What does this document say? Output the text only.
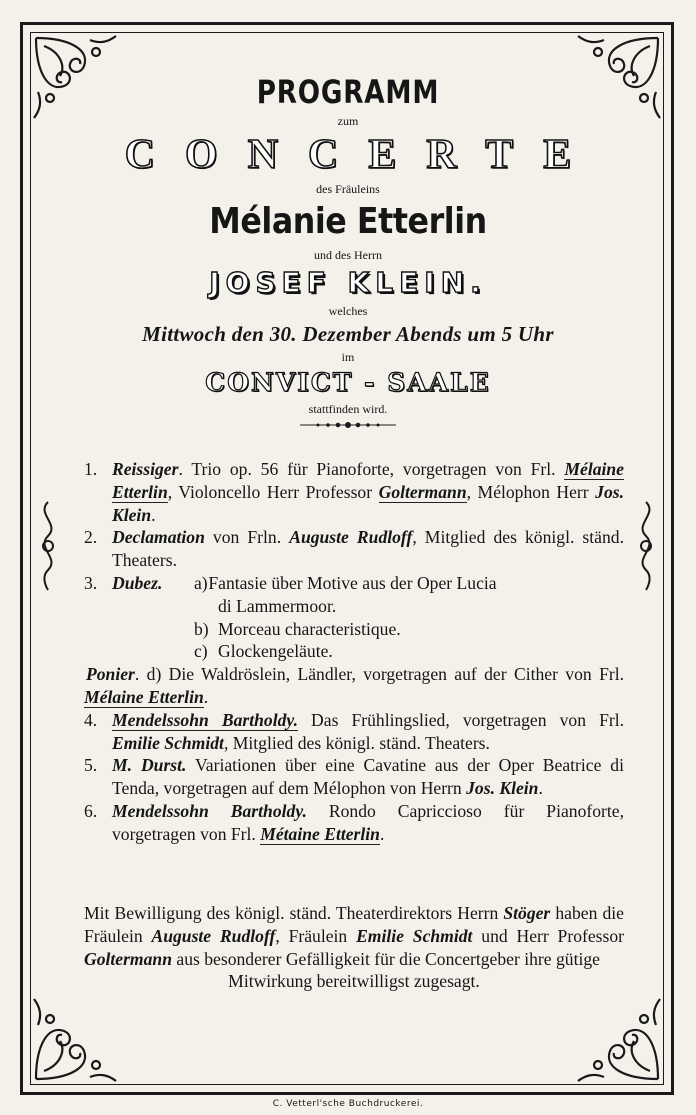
PROGRAMM
zum
CONCERTE
des Fräuleins
Mélanie Etterlin
und des Herrn
JOSEF KLEIN.
welches
Mittwoch den 30. Dezember Abends um 5 Uhr
im
CONVICT - SAALE
stattfinden wird.
1. Reissiger. Trio op. 56 für Pianoforte, vorgetragen von Frl. Mélaine Etterlin, Violoncello Herr Professor Goltermann, Mélophon Herr Jos. Klein.
2. Declamation von Frln. Auguste Rudloff, Mitglied des königl. ständ. Theaters.
3. Dubez. a) Fantasie über Motive aus der Oper Lucia
di Lammermoor.
b) Morceau characteristique.
c) Glockengeläute.
Ponier. d) Die Waldröslein, Ländler, vorgetragen auf der Cither von Frl. Mélaine Etterlin.
4. Mendelssohn Bartholdy. Das Frühlingslied, vorgetragen von Frl. Emilie Schmidt, Mitglied des königl. ständ. Theaters.
5. M. Durst. Variationen über eine Cavatine aus der Oper Beatrice di Tenda, vorgetragen auf dem Mélophon von Herrn Jos. Klein.
6. Mendelssohn Bartholdy. Rondo Capriccioso für Pianoforte, vorgetragen von Frl. Métaine Etterlin.
Mit Bewilligung des königl. ständ. Theaterdirektors Herrn Stöger haben die Fräulein Auguste Rudloff, Fräulein Emilie Schmidt und Herr Professor Goltermann aus besonderer Gefälligkeit für die Concertgeber ihre gütige
Mitwirkung bereitwilligst zugesagt.
C. Vetterl'sche Buchdruckerei.
